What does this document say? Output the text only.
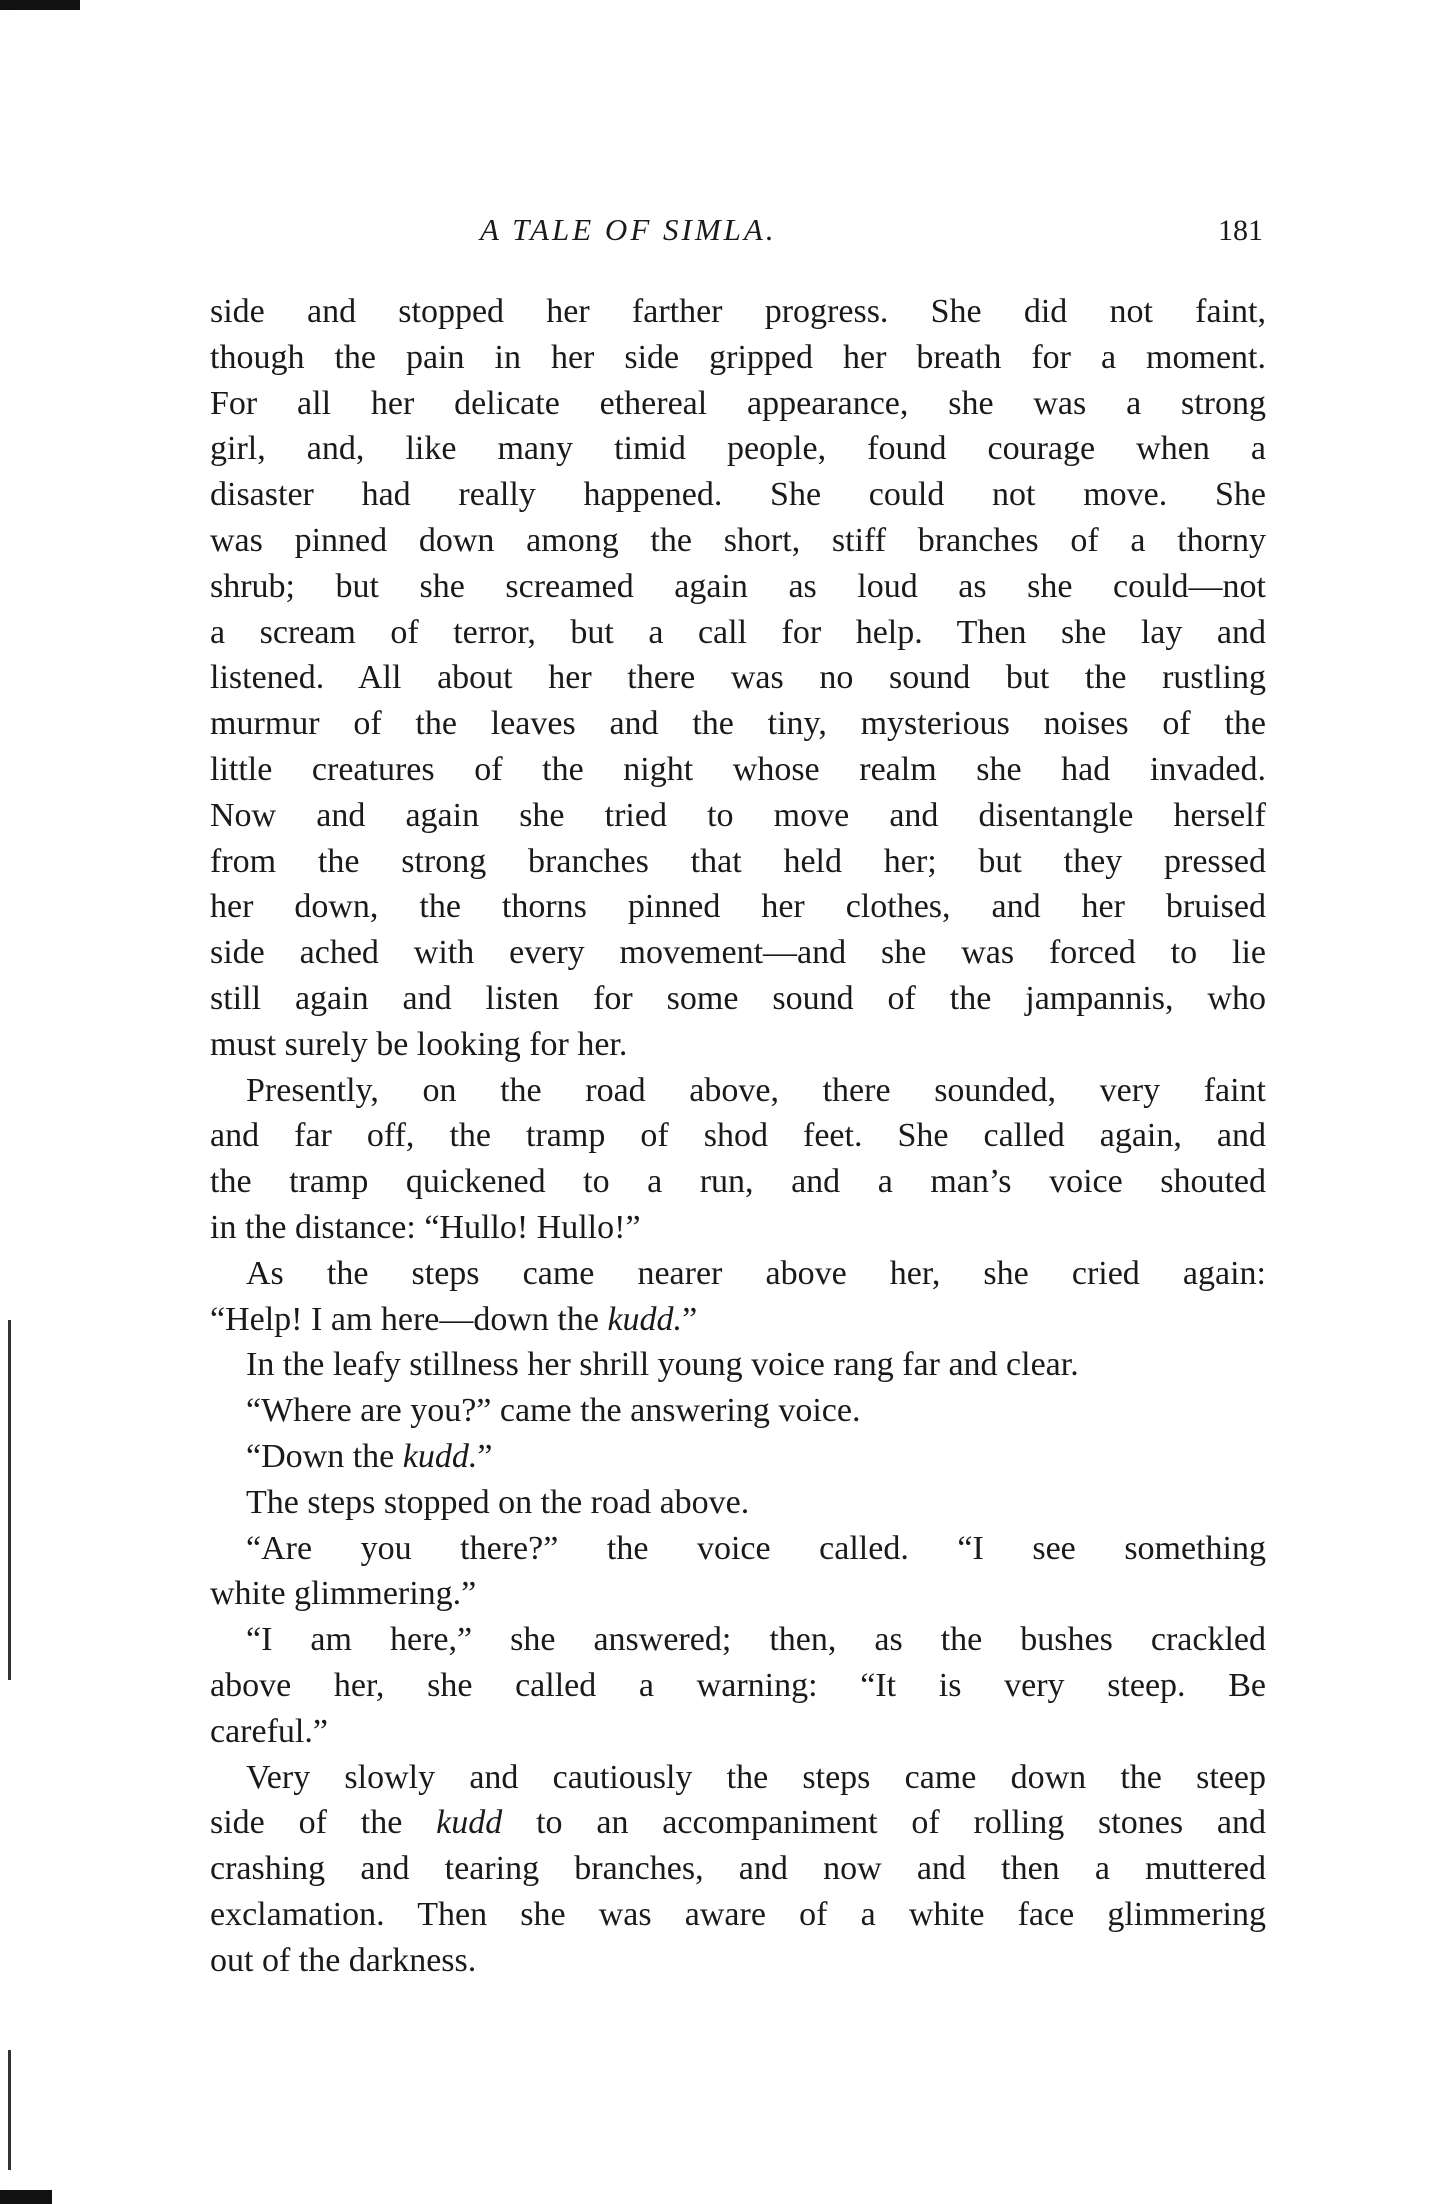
A TALE OF SIMLA.	181
side and stopped her farther progress. She did not faint,
though the pain in her side gripped her breath for a moment.
For all her delicate ethereal appearance, she was a strong
girl, and, like many timid people, found courage when a
disaster had really happened. She could not move. She
was pinned down among the short, stiff branches of a thorny
shrub; but she screamed again as loud as she could—not
a scream of terror, but a call for help. Then she lay and
listened. All about her there was no sound but the rustling
murmur of the leaves and the tiny, mysterious noises of the
little creatures of the night whose realm she had invaded.
Now and again she tried to move and disentangle herself
from the strong branches that held her; but they pressed
her down, the thorns pinned her clothes, and her bruised
side ached with every movement—and she was forced to lie
still again and listen for some sound of the jampannis, who
must surely be looking for her.
Presently, on the road above, there sounded, very faint
and far off, the tramp of shod feet. She called again, and
the tramp quickened to a run, and a man’s voice shouted
in the distance: “Hullo! Hullo!”
As the steps came nearer above her, she cried again:
“Help! I am here—down the kudd.”
In the leafy stillness her shrill young voice rang far and clear.
“Where are you?” came the answering voice.
“Down the kudd.”
The steps stopped on the road above.
“Are you there?” the voice called. “I see something
white glimmering.”
“I am here,” she answered; then, as the bushes crackled
above her, she called a warning: “It is very steep. Be
careful.”
Very slowly and cautiously the steps came down the steep
side of the kudd to an accompaniment of rolling stones and
crashing and tearing branches, and now and then a muttered
exclamation. Then she was aware of a white face glimmering
out of the darkness.
